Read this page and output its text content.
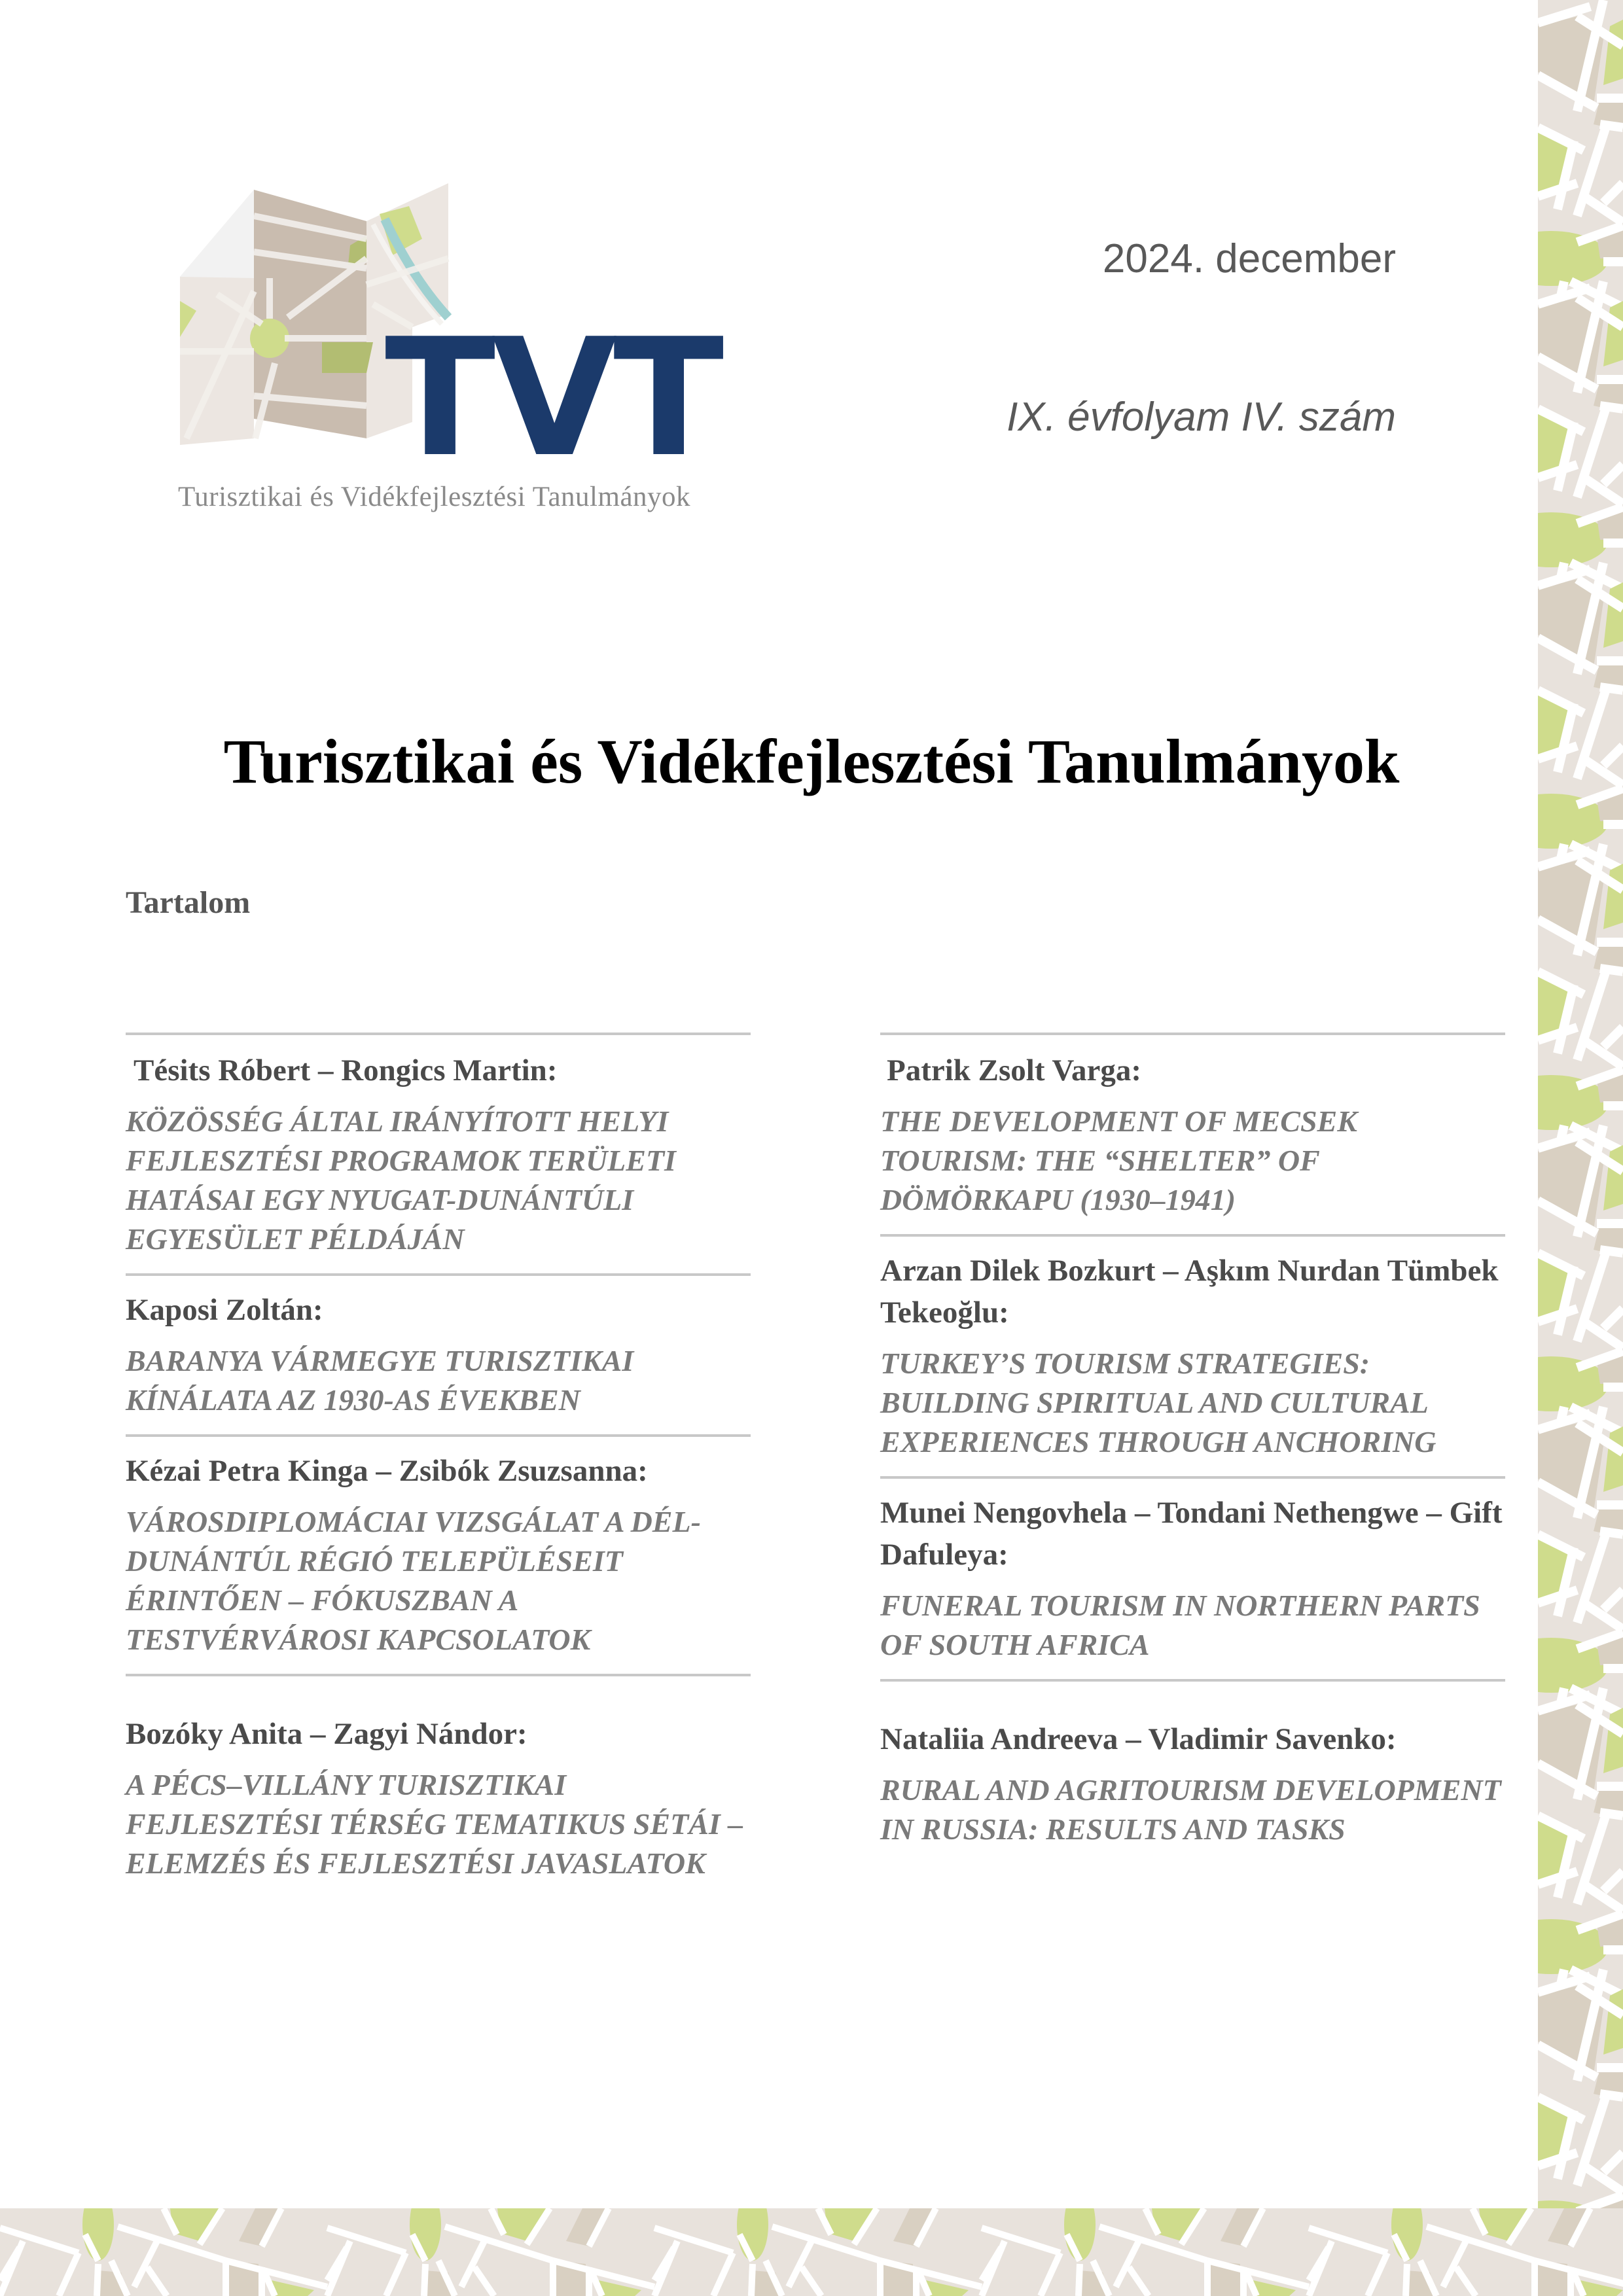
TVT
Turisztikai és Vidékfejlesztési Tanulmányok
2024. december
IX. évfolyam IV. szám
Turisztikai és Vidékfejlesztési Tanulmányok
Tartalom
Tésits Róbert – Rongics Martin:
KÖZÖSSÉG ÁLTAL IRÁNYÍTOTT HELYI FEJLESZTÉSI PROGRAMOK TERÜLETI HATÁSAI EGY NYUGAT-DUNÁNTÚLI EGYESÜLET PÉLDÁJÁN
Kaposi Zoltán:
BARANYA VÁRMEGYE TURISZTIKAI KÍNÁLATA AZ 1930-AS ÉVEKBEN
Kézai Petra Kinga – Zsibók Zsuzsanna:
VÁROSDIPLOMÁCIAI VIZSGÁLAT A DÉL-DUNÁNTÚL RÉGIÓ TELEPÜLÉSEIT ÉRINTŐEN – FÓKUSZBAN A TESTVÉRVÁROSI KAPCSOLATOK
Bozóky Anita – Zagyi Nándor:
A PÉCS–VILLÁNY TURISZTIKAI FEJLESZTÉSI TÉRSÉG TEMATIKUS SÉTÁI – ELEMZÉS ÉS FEJLESZTÉSI JAVASLATOK
Patrik Zsolt Varga:
THE DEVELOPMENT OF MECSEK TOURISM: THE “SHELTER” OF DÖMÖRKAPU (1930–1941)
Arzan Dilek Bozkurt – Aşkım Nurdan Tümbek Tekeoğlu:
TURKEY’S TOURISM STRATEGIES: BUILDING SPIRITUAL AND CULTURAL EXPERIENCES THROUGH ANCHORING
Munei Nengovhela – Tondani Nethengwe – Gift Dafuleya:
FUNERAL TOURISM IN NORTHERN PARTS OF SOUTH AFRICA
Nataliia Andreeva – Vladimir Savenko:
RURAL AND AGRITOURISM DEVELOPMENT IN RUSSIA: RESULTS AND TASKS
